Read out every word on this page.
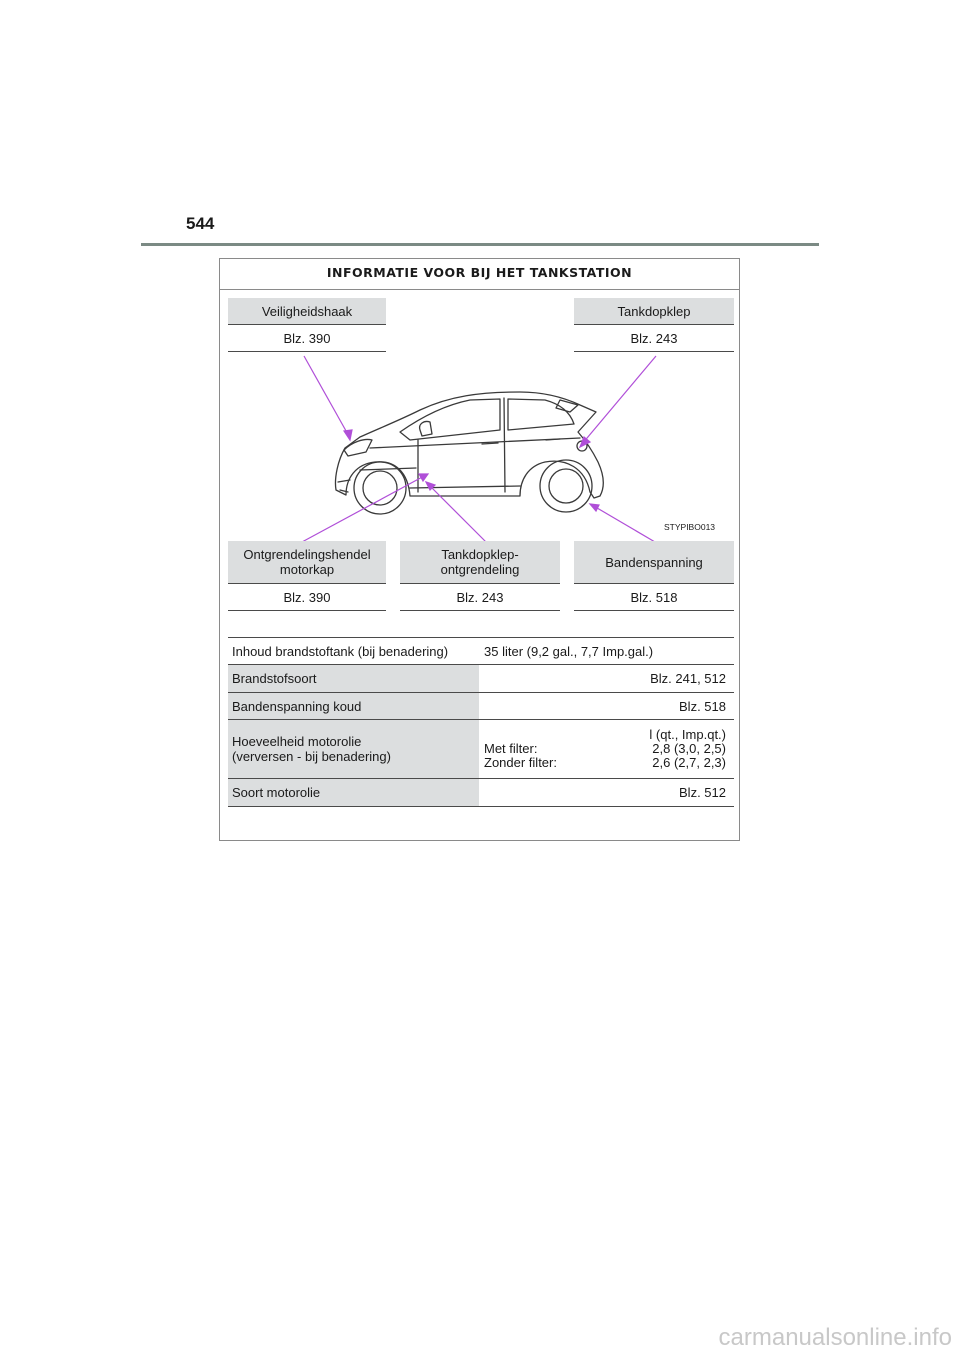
544
INFORMATIE VOOR BIJ HET TANKSTATION
STYPIBO013
Veiligheidshaak
Blz. 390
Tankdopklep
Blz. 243
Ontgrendelingshendel motorkap
Blz. 390
Tankdopklep-
ontgrendeling
Blz. 243
Bandenspanning
Blz. 518
Inhoud brandstoftank (bij benadering)	35 liter (9,2 gal., 7,7 Imp.gal.)
Brandstofsoort	Blz. 241, 512
Bandenspanning koud	Blz. 518
Hoeveelheid motorolie
(verversen - bij benadering)
l (qt., Imp.qt.)
Met filter:	2,8 (3,0, 2,5)
Zonder filter:	2,6 (2,7, 2,3)
Soort motorolie	Blz. 512
carmanualsonline.info
